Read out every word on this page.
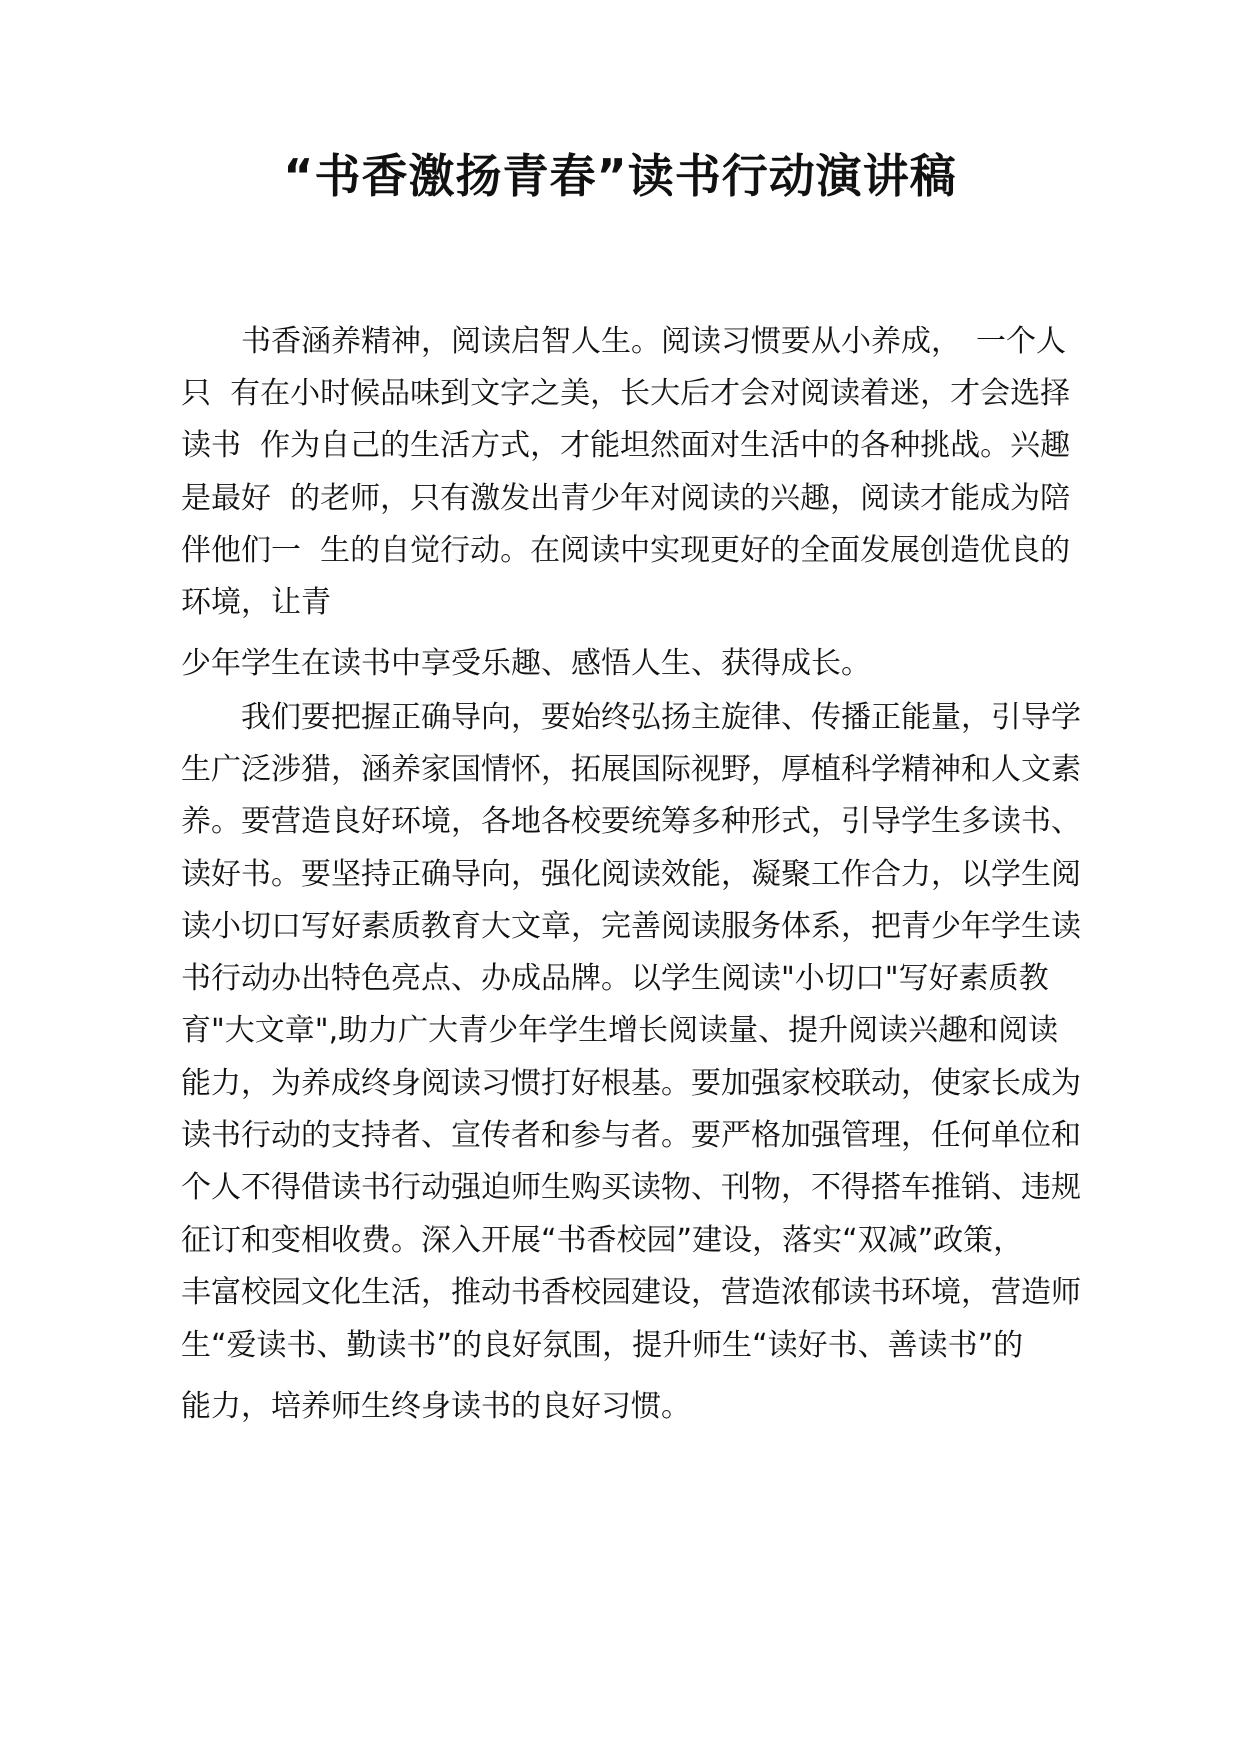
“书香激扬青春”读书行动演讲稿

　　书香涵养精神，阅读启智人生。阅读习惯要从小养成，　一个人

只  有在小时候品味到文字之美，长大后才会对阅读着迷，才会选择

读书  作为自己的生活方式，才能坦然面对生活中的各种挑战。兴趣

是最好  的老师，只有激发出青少年对阅读的兴趣，阅读才能成为陪

伴他们一  生的自觉行动。在阅读中实现更好的全面发展创造优良的

环境，让青

少年学生在读书中享受乐趣、感悟人生、获得成长。

　　我们要把握正确导向，要始终弘扬主旋律、传播正能量，引导学

生广泛涉猎，涵养家国情怀，拓展国际视野，厚植科学精神和人文素

养。要营造良好环境，各地各校要统筹多种形式，引导学生多读书、

读好书。要坚持正确导向，强化阅读效能，凝聚工作合力，以学生阅

读小切口写好素质教育大文章，完善阅读服务体系，把青少年学生读

书行动办出特色亮点、办成品牌。以学生阅读"小切口"写好素质教

育"大文章",助力广大青少年学生增长阅读量、提升阅读兴趣和阅读

能力，为养成终身阅读习惯打好根基。要加强家校联动，使家长成为

读书行动的支持者、宣传者和参与者。要严格加强管理，任何单位和

个人不得借读书行动强迫师生购买读物、刊物，不得搭车推销、违规

征订和变相收费。深入开展“书香校园”建设，落实“双减”政策，

丰富校园文化生活，推动书香校园建设，营造浓郁读书环境，营造师

生“爱读书、勤读书”的良好氛围，提升师生“读好书、善读书”的

能力，培养师生终身读书的良好习惯。
